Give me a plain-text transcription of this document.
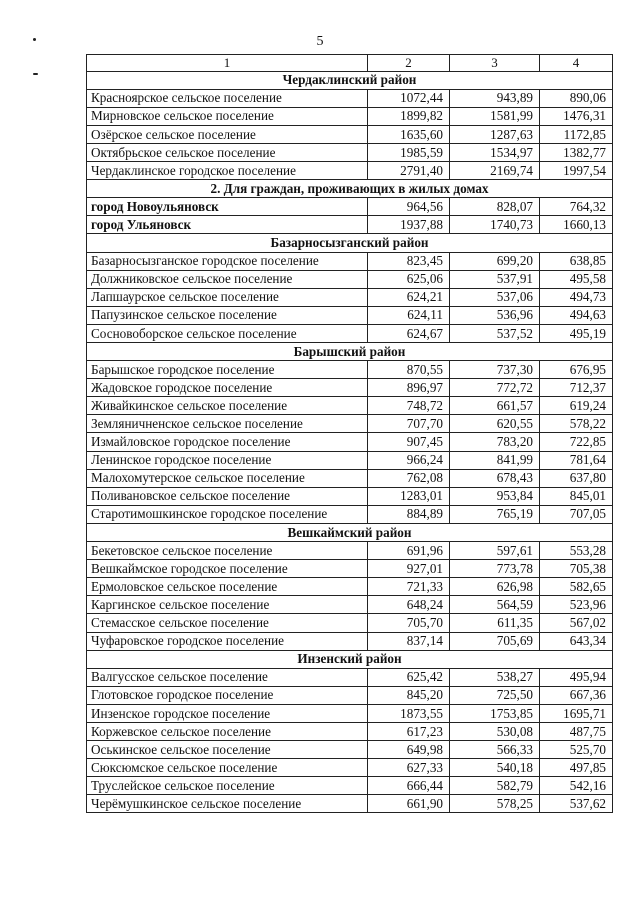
5
1	2	3	4
Чердаклинский район			
Красноярское сельское поселение	1072,44	943,89	890,06
Мирновское сельское поселение	1899,82	1581,99	1476,31
Озёрское сельское поселение	1635,60	1287,63	1172,85
Октябрьское сельское поселение	1985,59	1534,97	1382,77
Чердаклинское городское поселение	2791,40	2169,74	1997,54
2. Для граждан, проживающих в жилых домах			
город Новоульяновск	964,56	828,07	764,32
город Ульяновск	1937,88	1740,73	1660,13
Базарносызганский район			
Базарносызганское городское поселение	823,45	699,20	638,85
Должниковское сельское поселение	625,06	537,91	495,58
Лапшаурское сельское поселение	624,21	537,06	494,73
Папузинское сельское поселение	624,11	536,96	494,63
Сосновоборское сельское поселение	624,67	537,52	495,19
Барышский район			
Барышское городское поселение	870,55	737,30	676,95
Жадовское городское поселение	896,97	772,72	712,37
Живайкинское сельское поселение	748,72	661,57	619,24
Земляничненское сельское поселение	707,70	620,55	578,22
Измайловское городское поселение	907,45	783,20	722,85
Ленинское городское поселение	966,24	841,99	781,64
Малохомутерское сельское поселение	762,08	678,43	637,80
Поливановское сельское поселение	1283,01	953,84	845,01
Старотимошкинское городское поселение	884,89	765,19	707,05
Вешкаймский район			
Бекетовское сельское поселение	691,96	597,61	553,28
Вешкаймское городское поселение	927,01	773,78	705,38
Ермоловское сельское поселение	721,33	626,98	582,65
Каргинское сельское поселение	648,24	564,59	523,96
Стемасское сельское поселение	705,70	611,35	567,02
Чуфаровское городское поселение	837,14	705,69	643,34
Инзенский район			
Валгусское сельское поселение	625,42	538,27	495,94
Глотовское городское поселение	845,20	725,50	667,36
Инзенское городское поселение	1873,55	1753,85	1695,71
Коржевское сельское поселение	617,23	530,08	487,75
Оськинское сельское поселение	649,98	566,33	525,70
Сюксюмское сельское поселение	627,33	540,18	497,85
Труслейское сельское поселение	666,44	582,79	542,16
Черёмушкинское сельское поселение	661,90	578,25	537,62
